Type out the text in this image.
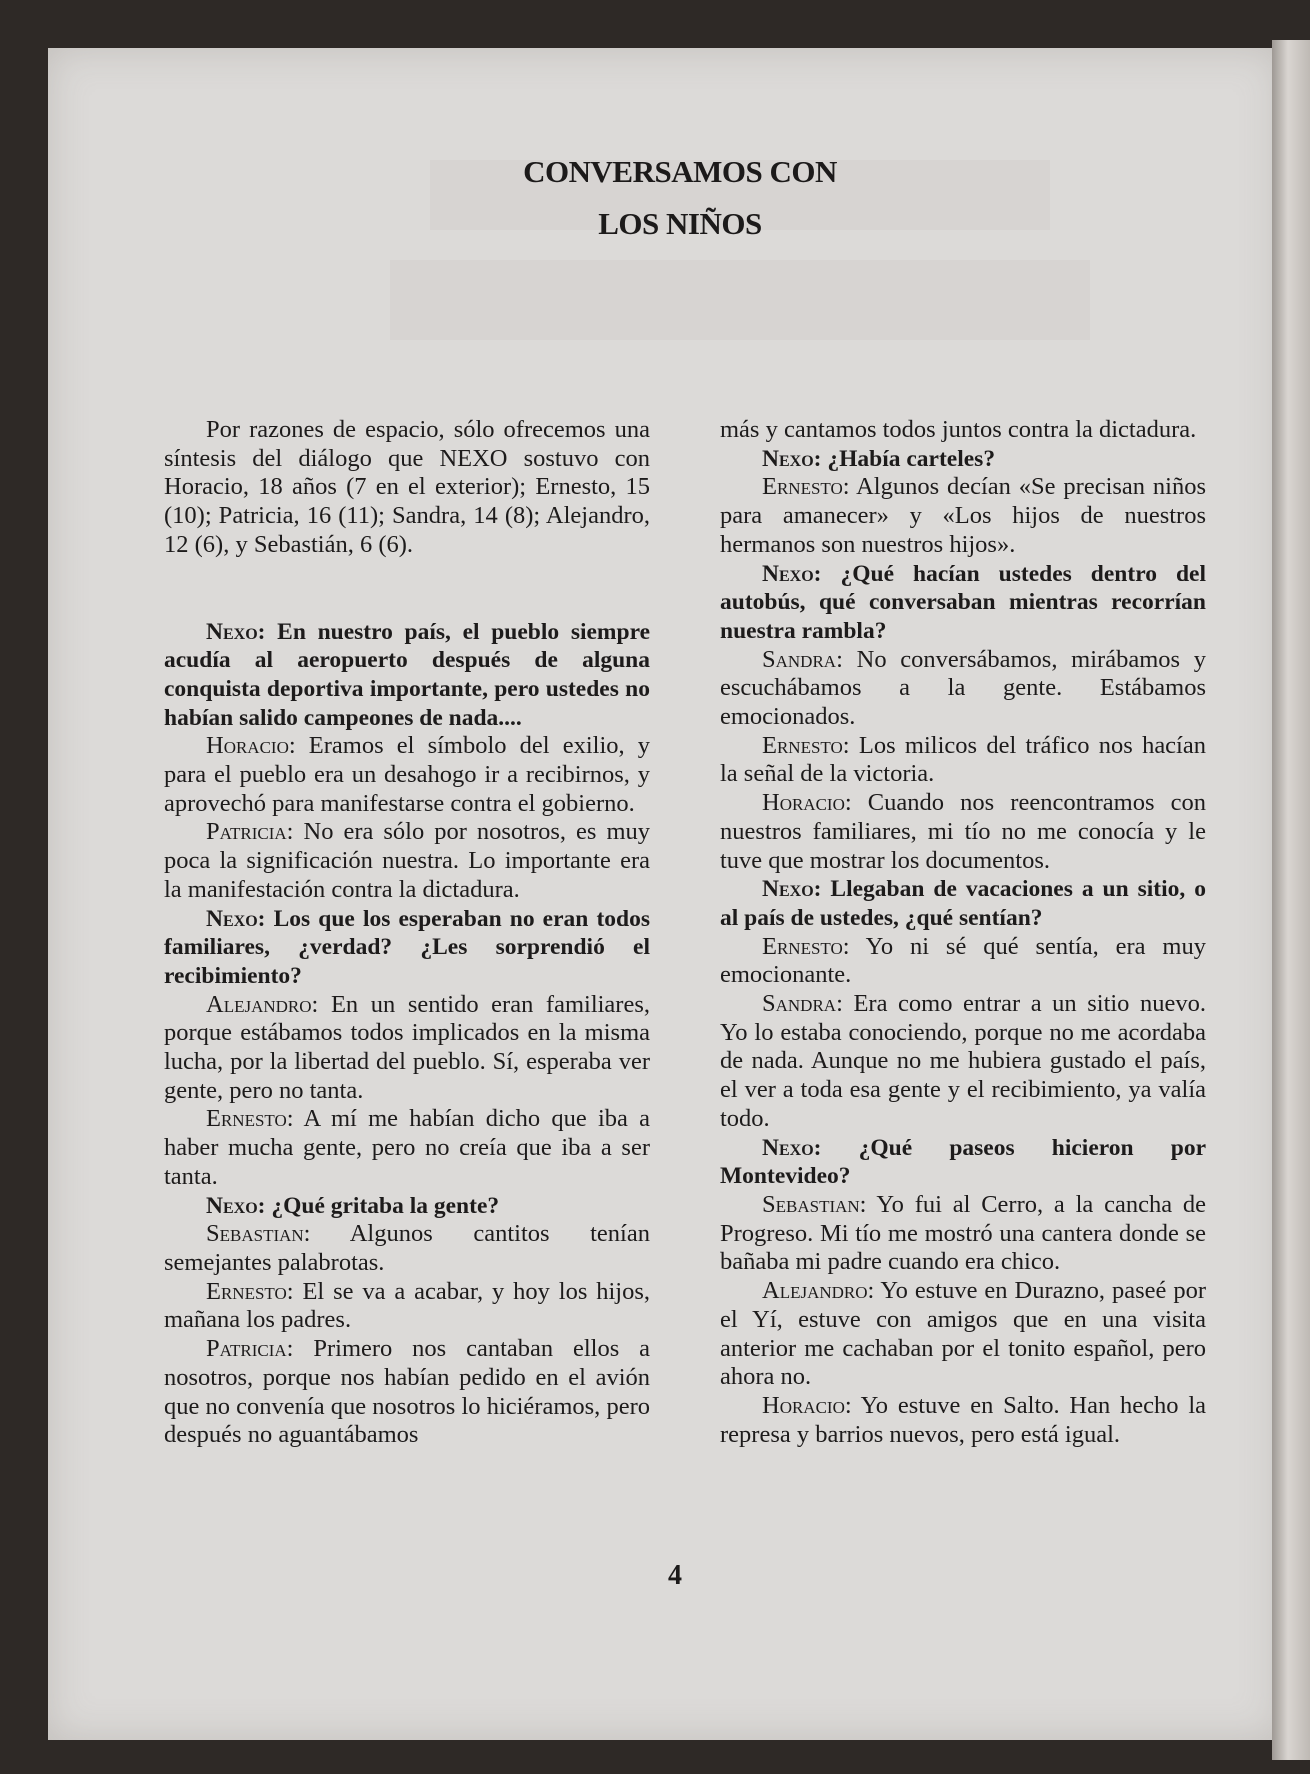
CONVERSAMOS CON
LOS NIÑOS

Por razones de espacio, sólo ofrecemos una síntesis del diálogo que NEXO sostuvo con Horacio, 18 años (7 en el exterior); Ernesto, 15 (10); Patricia, 16 (11); Sandra, 14 (8); Alejandro, 12 (6), y Sebastián, 6 (6).

Nexo: En nuestro país, el pueblo siempre acudía al aeropuerto después de alguna conquista deportiva importante, pero ustedes no habían salido campeones de nada....

Horacio: Eramos el símbolo del exilio, y para el pueblo era un desahogo ir a recibirnos, y aprovechó para manifestarse contra el gobierno.

Patricia: No era sólo por nosotros, es muy poca la significación nuestra. Lo importante era la manifestación contra la dictadura.

Nexo: Los que los esperaban no eran todos familiares, ¿verdad? ¿Les sorprendió el recibimiento?

Alejandro: En un sentido eran familiares, porque estábamos todos implicados en la misma lucha, por la libertad del pueblo. Sí, esperaba ver gente, pero no tanta.

Ernesto: A mí me habían dicho que iba a haber mucha gente, pero no creía que iba a ser tanta.

Nexo: ¿Qué gritaba la gente?

Sebastian: Algunos cantitos tenían semejantes palabrotas.

Ernesto: El se va a acabar, y hoy los hijos, mañana los padres.

Patricia: Primero nos cantaban ellos a nosotros, porque nos habían pedido en el avión que no convenía que nosotros lo hiciéramos, pero después no aguantábamos

más y cantamos todos juntos contra la dictadura.

Nexo: ¿Había carteles?

Ernesto: Algunos decían «Se precisan niños para amanecer» y «Los hijos de nuestros hermanos son nuestros hijos».

Nexo: ¿Qué hacían ustedes dentro del autobús, qué conversaban mientras recorrían nuestra rambla?

Sandra: No conversábamos, mirábamos y escuchábamos a la gente. Estábamos emocionados.

Ernesto: Los milicos del tráfico nos hacían la señal de la victoria.

Horacio: Cuando nos reencontramos con nuestros familiares, mi tío no me conocía y le tuve que mostrar los documentos.

Nexo: Llegaban de vacaciones a un sitio, o al país de ustedes, ¿qué sentían?

Ernesto: Yo ni sé qué sentía, era muy emocionante.

Sandra: Era como entrar a un sitio nuevo. Yo lo estaba conociendo, porque no me acordaba de nada. Aunque no me hubiera gustado el país, el ver a toda esa gente y el recibimiento, ya valía todo.

Nexo: ¿Qué paseos hicieron por Montevideo?

Sebastian: Yo fui al Cerro, a la cancha de Progreso. Mi tío me mostró una cantera donde se bañaba mi padre cuando era chico.

Alejandro: Yo estuve en Durazno, paseé por el Yí, estuve con amigos que en una visita anterior me cachaban por el tonito español, pero ahora no.

Horacio: Yo estuve en Salto. Han hecho la represa y barrios nuevos, pero está igual.

4
